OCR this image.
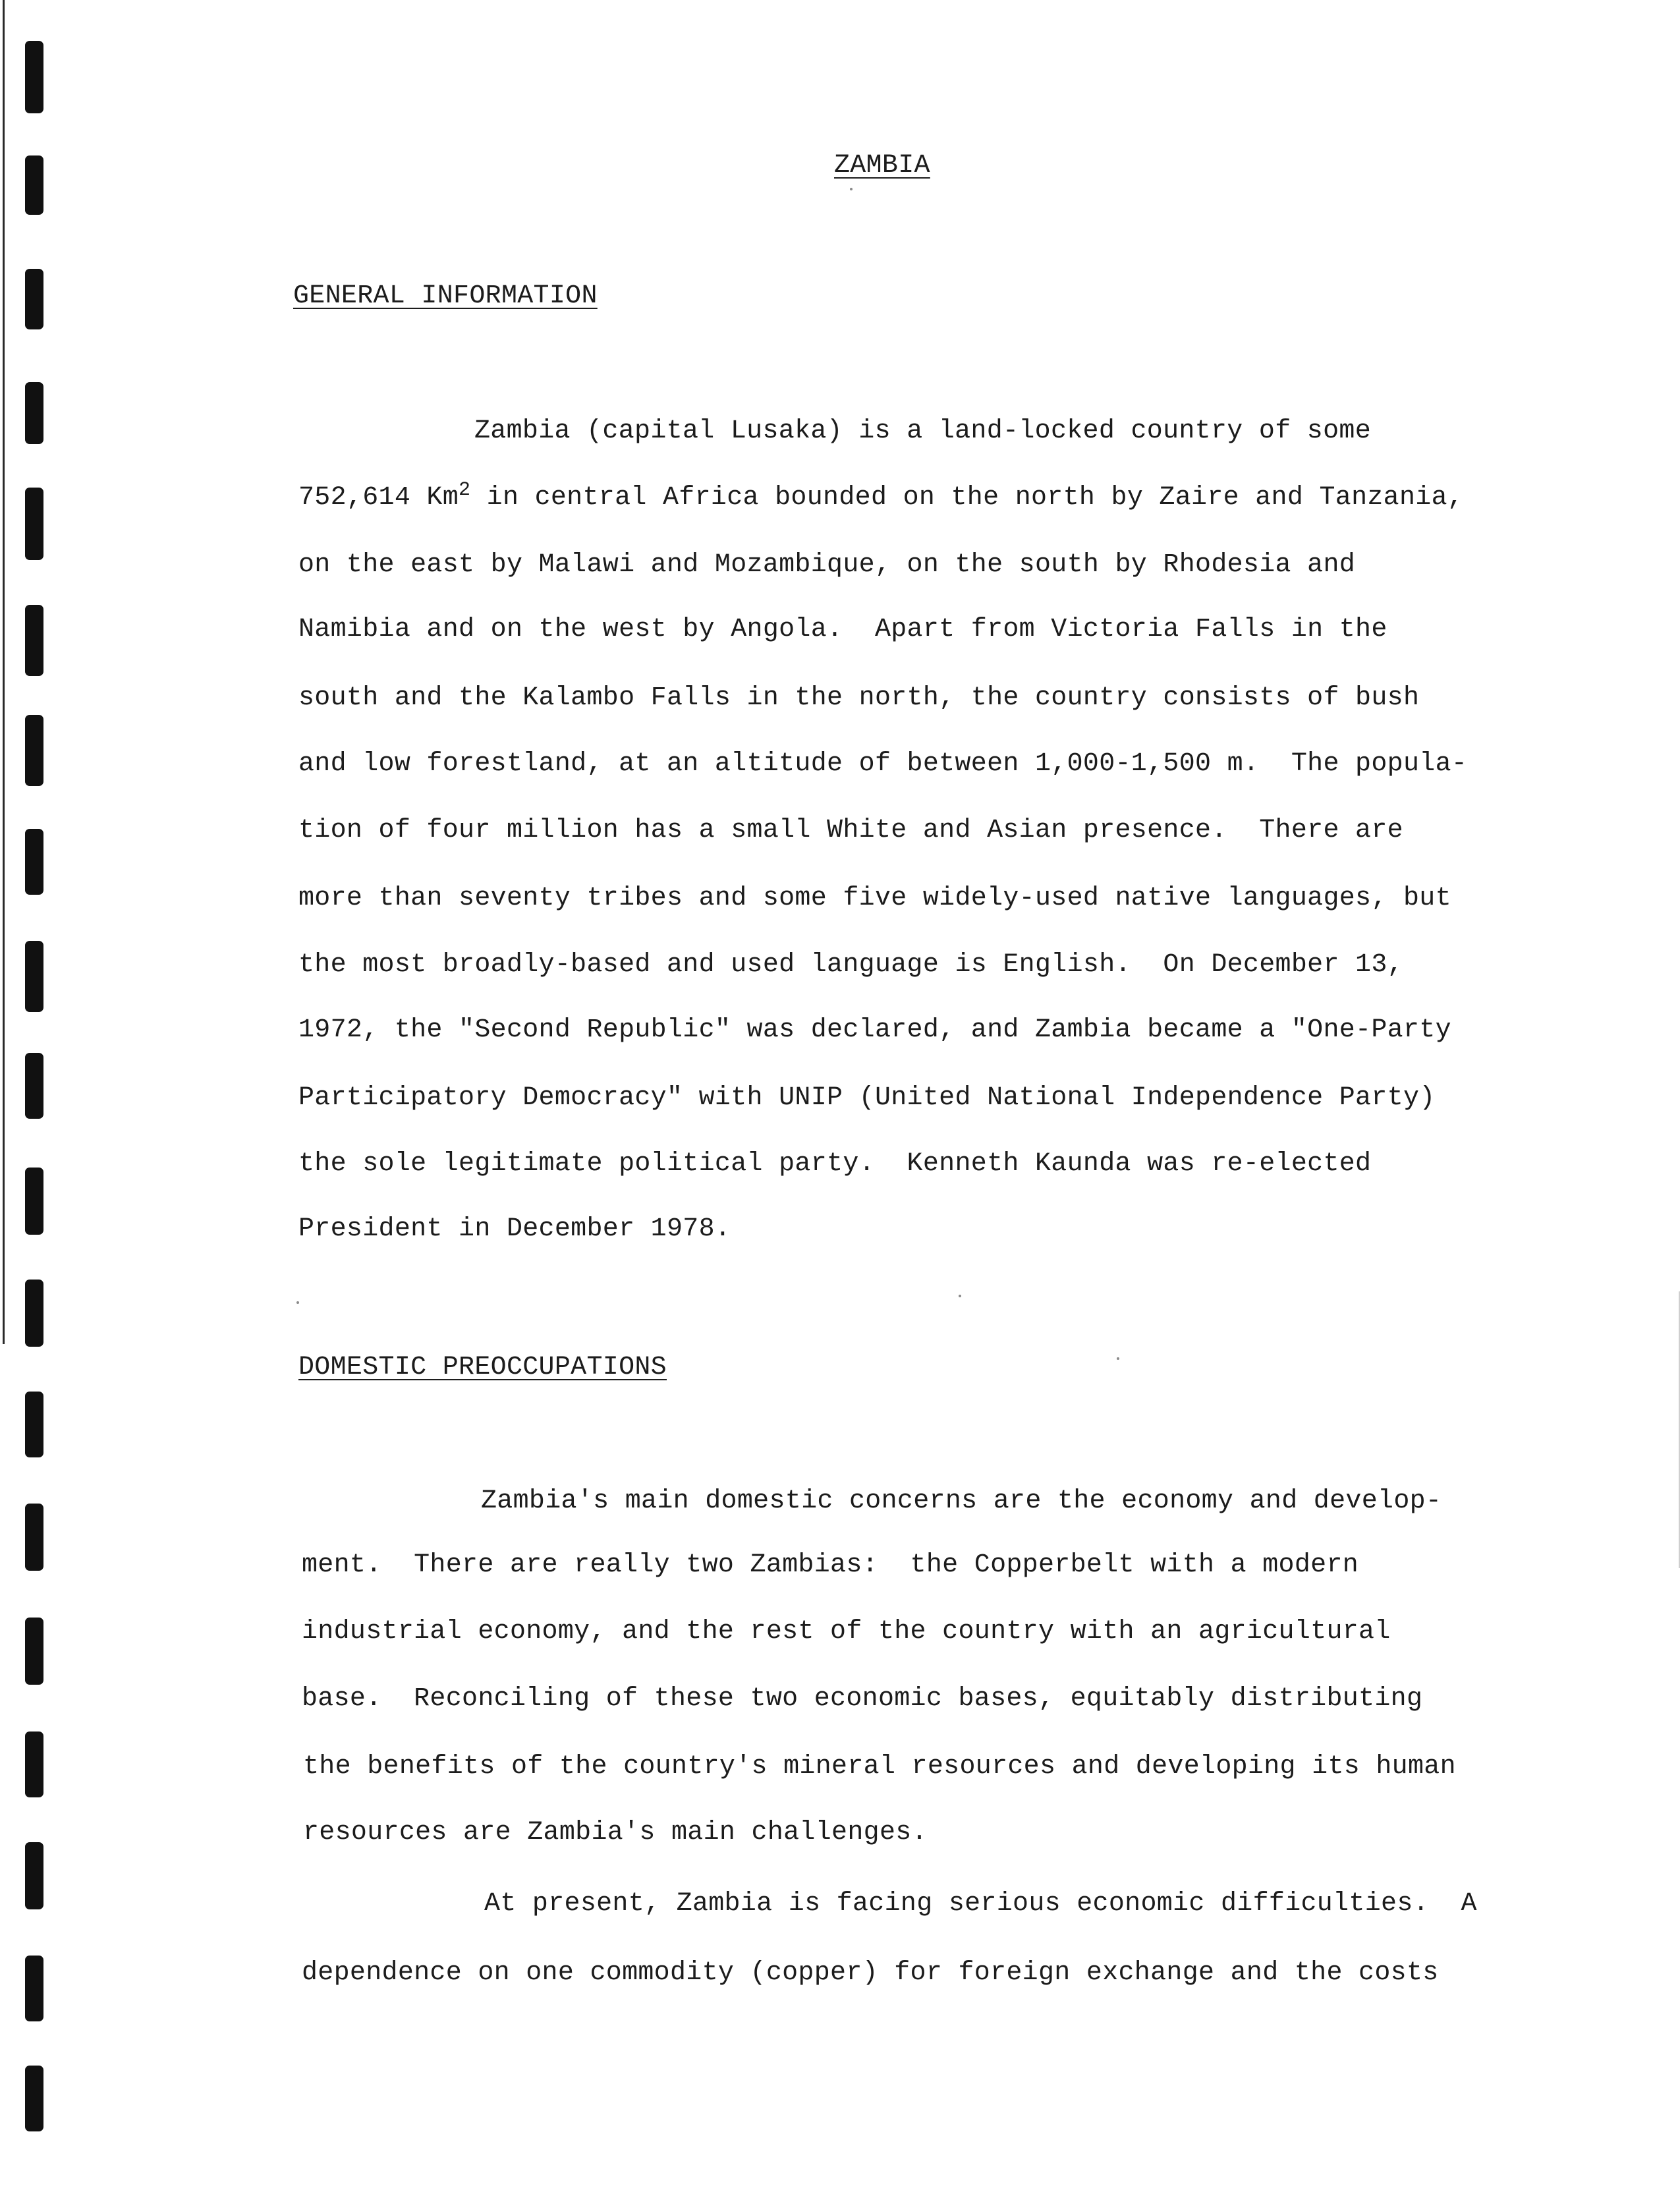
ZAMBIA
GENERAL INFORMATION
Zambia (capital Lusaka) is a land-locked country of some
752,614 Km$^2$ in central Africa bounded on the north by Zaire and Tanzania,
on the east by Malawi and Mozambique, on the south by Rhodesia and
Namibia and on the west by Angola.  Apart from Victoria Falls in the
south and the Kalambo Falls in the north, the country consists of bush
and low forestland, at an altitude of between 1,000-1,500 m.  The popula-
tion of four million has a small White and Asian presence.  There are
more than seventy tribes and some five widely-used native languages, but
the most broadly-based and used language is English.  On December 13,
1972, the "Second Republic" was declared, and Zambia became a "One-Party
Participatory Democracy" with UNIP (United National Independence Party)
the sole legitimate political party.  Kenneth Kaunda was re-elected
President in December 1978.
DOMESTIC PREOCCUPATIONS
Zambia's main domestic concerns are the economy and develop-
ment.  There are really two Zambias:  the Copperbelt with a modern
industrial economy, and the rest of the country with an agricultural
base.  Reconciling of these two economic bases, equitably distributing
the benefits of the country's mineral resources and developing its human
resources are Zambia's main challenges.
At present, Zambia is facing serious economic difficulties.  A
dependence on one commodity (copper) for foreign exchange and the costs
